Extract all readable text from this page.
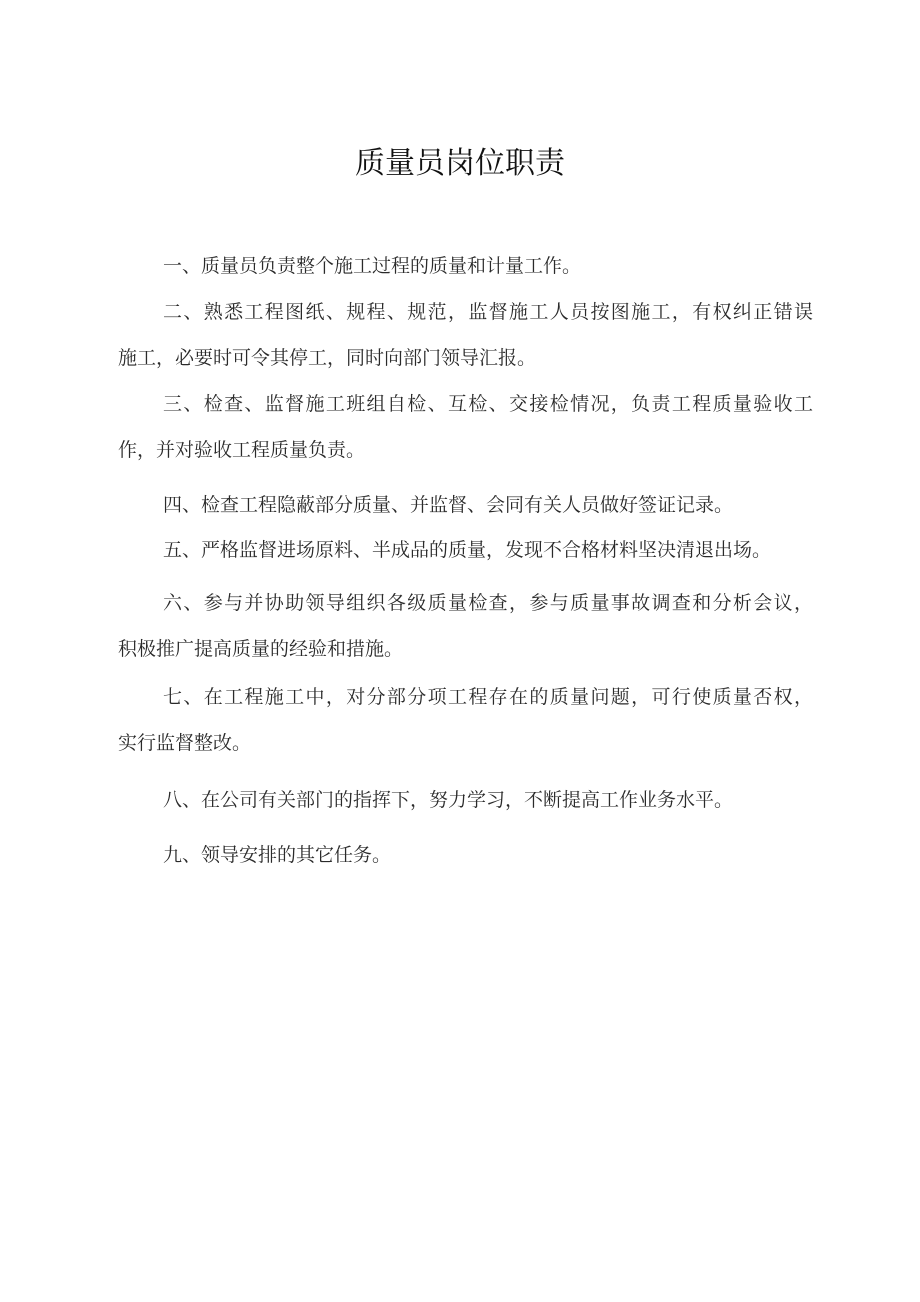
质量员岗位职责
一、质量员负责整个施工过程的质量和计量工作。
二、熟悉工程图纸、规程、规范，监督施工人员按图施工，有权纠正错误
施工，必要时可令其停工，同时向部门领导汇报。
三、检查、监督施工班组自检、互检、交接检情况，负责工程质量验收工
作，并对验收工程质量负责。
四、检查工程隐蔽部分质量、并监督、会同有关人员做好签证记录。
五、严格监督进场原料、半成品的质量，发现不合格材料坚决清退出场。
六、参与并协助领导组织各级质量检查，参与质量事故调查和分析会议，
积极推广提高质量的经验和措施。
七、在工程施工中，对分部分项工程存在的质量问题，可行使质量否权，
实行监督整改。
八、在公司有关部门的指挥下，努力学习，不断提高工作业务水平。
九、领导安排的其它任务。
